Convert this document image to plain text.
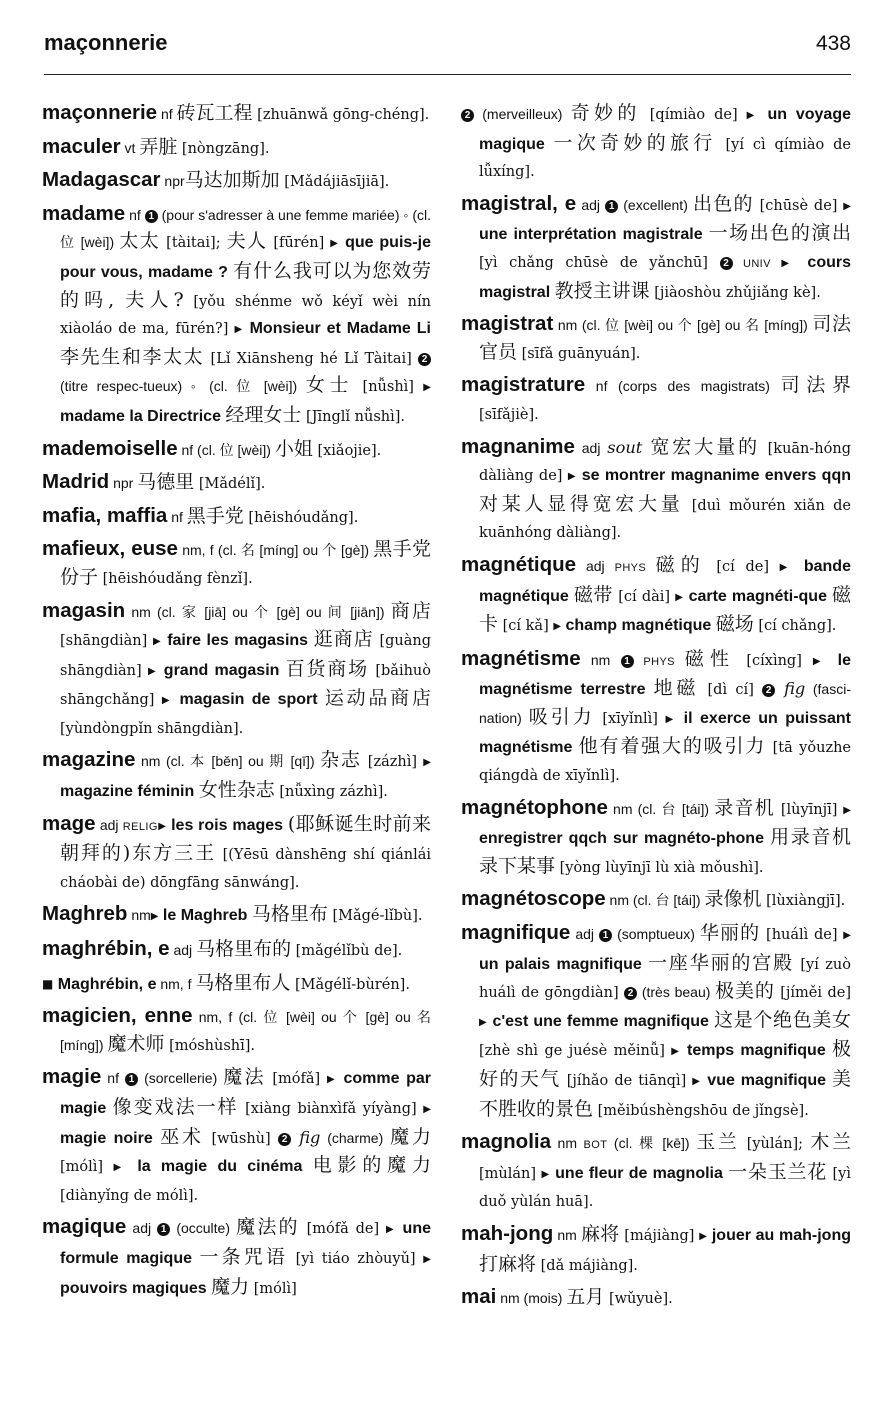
maçonnerie	438
maçonnerie nf 砖瓦工程 [zhuānwǎ gōng-chéng].
maculer vt 弄脏 [nòngzāng].
Madagascar npr马达加斯加 [Mǎdájiāsījiā].
madame nf 1 (pour s'adresser à une femme mariée) ◦ (cl. 位 [wèi]) 太太 [tàitai]; 夫人 [fūrén] ▶ que puis-je pour vous, madame ? 有什么我可以为您效劳的吗, 夫人? [yǒu shénme wǒ kéyǐ wèi nín xiàoláo de ma, fūrén?] ▶ Monsieur et Madame Li 李先生和李太太 [Lǐ Xiānsheng hé Lǐ Tàitai] 2 (titre respec-tueux) ◦ (cl. 位 [wèi]) 女士 [nǚshì] ▶ madame la Directrice 经理女士 [Jīnglǐ nǚshì].
mademoiselle nf (cl. 位 [wèi]) 小姐 [xiǎojie].
Madrid npr 马德里 [Mǎdélǐ].
mafia, maffia nf 黑手党 [hēishóudǎng].
mafieux, euse nm, f (cl. 名 [míng] ou 个 [gè]) 黑手党份子 [hēishóudǎng fènzǐ].
magasin nm (cl. 家 [jiā] ou 个 [gè] ou 间 [jiān]) 商店 [shāngdiàn] ▶ faire les magasins 逛商店 [guàng shāngdiàn] ▶ grand magasin 百货商场 [bǎihuò shāngchǎng] ▶ magasin de sport 运动品商店 [yùndòngpǐn shāngdiàn].
magazine nm (cl. 本 [běn] ou 期 [qī]) 杂志 [zázhì] ▶ magazine féminin 女性杂志 [nǚxìng zázhì].
mage adj RELIG▶ les rois mages (耶稣诞生时前来朝拜的)东方三王 [(Yēsū dànshēng shí qiánlái cháobài de) dōngfāng sānwáng].
Maghreb nm▶ le Maghreb 马格里布 [Mǎgé-lǐbù].
maghrébin, e adj 马格里布的 [mǎgélǐbù de].
■ Maghrébin, e nm, f 马格里布人 [Mǎgélǐ-bùrén].
magicien, enne nm, f (cl. 位 [wèi] ou 个 [gè] ou 名 [míng]) 魔术师 [móshùshī].
magie nf 1 (sorcellerie) 魔法 [mófǎ] ▶ comme par magie 像变戏法一样 [xiàng biànxìfǎ yíyàng] ▶ magie noire 巫术 [wūshù] 2 fig (charme) 魔力 [mólì] ▶ la magie du cinéma 电影的魔力 [diànyǐng de mólì].
magique adj 1 (occulte) 魔法的 [mófǎ de] ▶ une formule magique 一条咒语 [yì tiáo zhòuyǔ] ▶ pouvoirs magiques 魔力 [mólì]
2 (merveilleux) 奇妙的 [qímiào de] ▶ un voyage magique 一次奇妙的旅行 [yí cì qímiào de lǚxíng].
magistral, e adj 1 (excellent) 出色的 [chūsè de] ▶ une interprétation magistrale 一场出色的演出 [yì chǎng chūsè de yǎnchū] 2 UNIV ▶ cours magistral 教授主讲课 [jiàoshòu zhǔjiǎng kè].
magistrat nm (cl. 位 [wèi] ou 个 [gè] ou 名 [míng]) 司法官员 [sīfǎ guānyuán].
magistrature nf (corps des magistrats) 司法界 [sīfǎjiè].
magnanime adj sout 宽宏大量的 [kuān-hóng dàliàng de] ▶ se montrer magnanime envers qqn 对某人显得宽宏大量 [duì mǒurén xiǎn de kuānhóng dàliàng].
magnétique adj PHYS 磁的 [cí de] ▶ bande magnétique 磁带 [cí dài] ▶ carte magnéti-que 磁卡 [cí kǎ] ▶ champ magnétique 磁场 [cí chǎng].
magnétisme nm 1 PHYS 磁性 [cíxìng] ▶ le magnétisme terrestre 地磁 [dì cí] 2 fig (fasci-nation) 吸引力 [xīyǐnlì] ▶ il exerce un puissant magnétisme 他有着强大的吸引力 [tā yǒuzhe qiángdà de xīyǐnlì].
magnétophone nm (cl. 台 [tái]) 录音机 [lùyīnjī] ▶ enregistrer qqch sur magnéto-phone 用录音机录下某事 [yòng lùyīnjī lù xià mǒushì].
magnétoscope nm (cl. 台 [tái]) 录像机 [lùxiàngjī].
magnifique adj 1 (somptueux) 华丽的 [huálì de] ▶ un palais magnifique 一座华丽的宫殿 [yí zuò huálì de gōngdiàn] 2 (très beau) 极美的 [jíměi de] ▶ c'est une femme magnifique 这是个绝色美女 [zhè shì ge juésè měinǚ] ▶ temps magnifique 极好的天气 [jíhǎo de tiānqì] ▶ vue magnifique 美不胜收的景色 [měibúshèngshōu de jǐngsè].
magnolia nm BOT (cl. 棵 [kē]) 玉兰 [yùlán]; 木兰 [mùlán] ▶ une fleur de magnolia 一朵玉兰花 [yì duǒ yùlán huā].
mah-jong nm 麻将 [májiàng] ▶ jouer au mah-jong 打麻将 [dǎ májiàng].
mai nm (mois) 五月 [wǔyuè].
